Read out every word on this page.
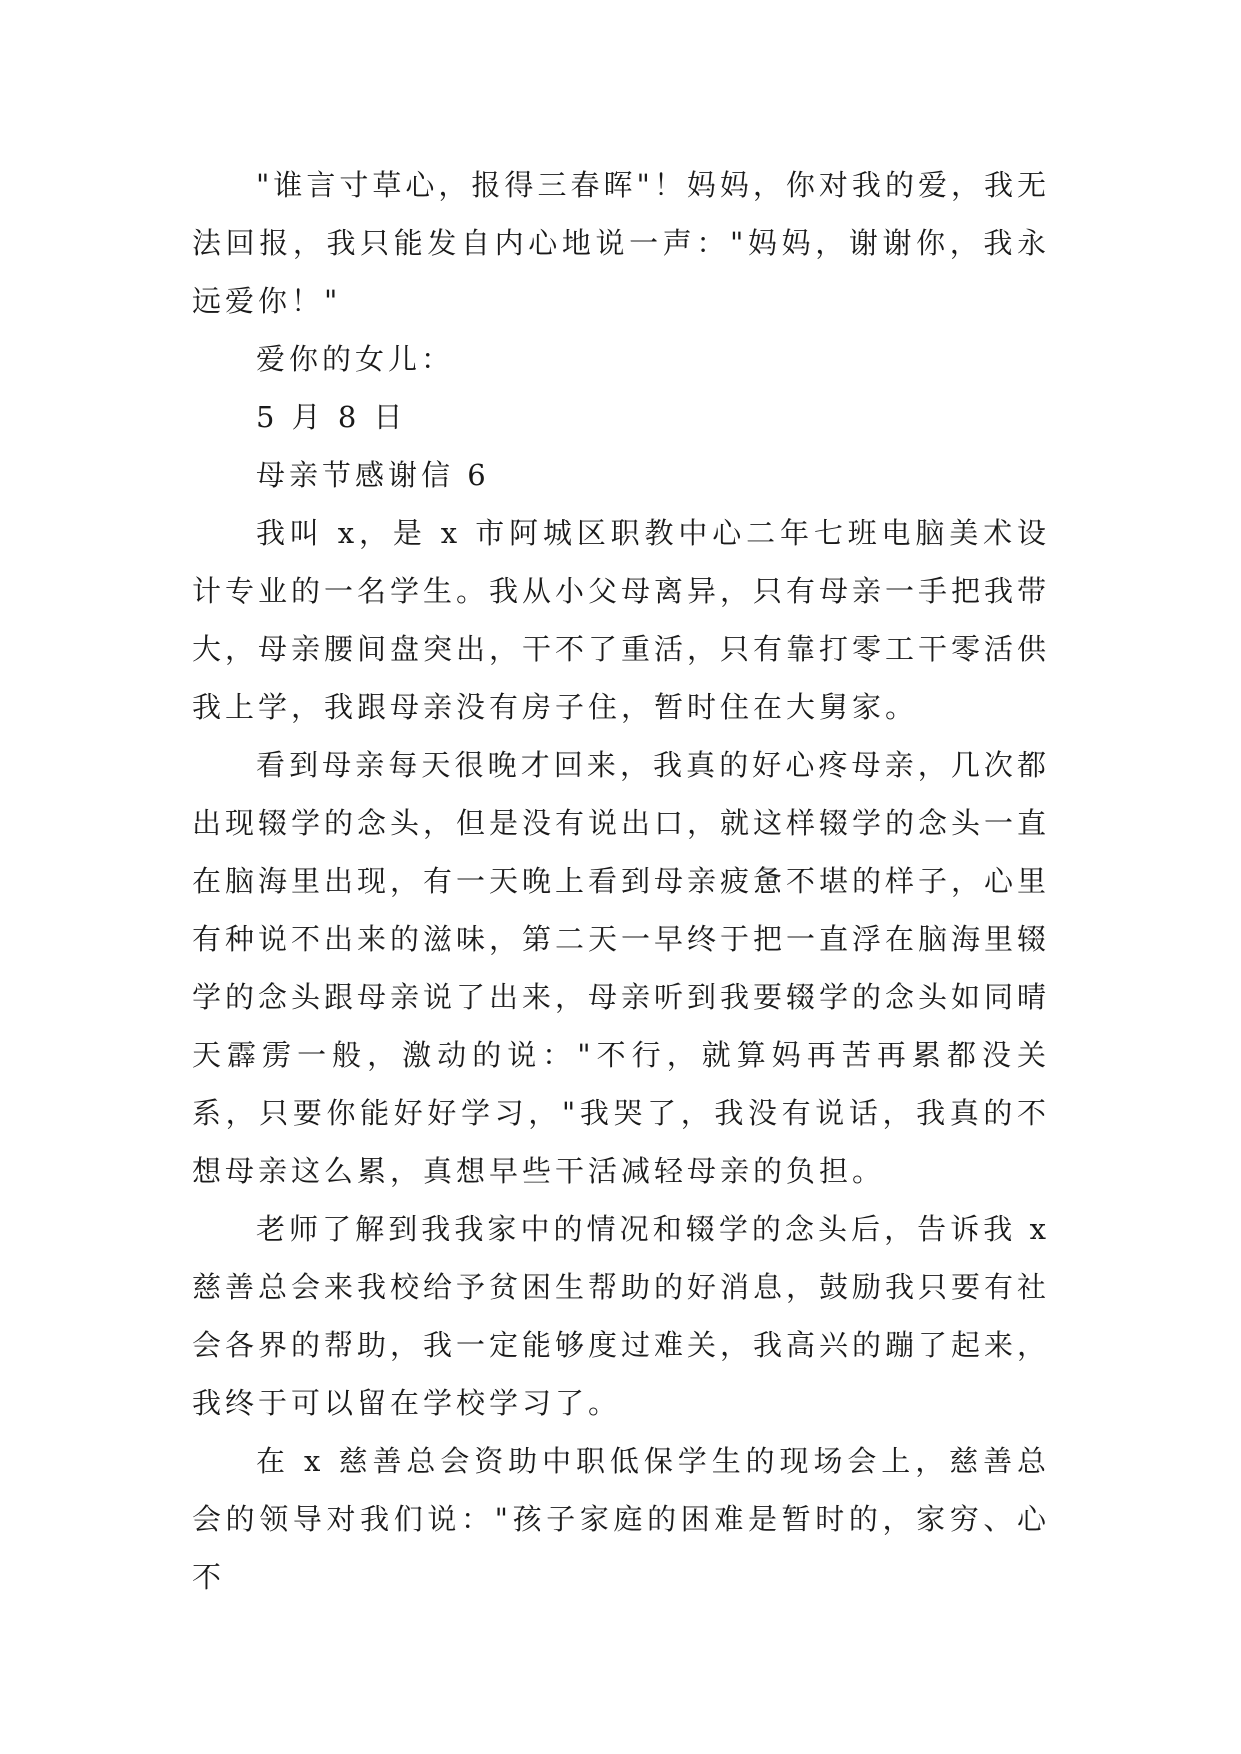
"谁言寸草心，报得三春晖"！妈妈，你对我的爱，我无法回报，我只能发自内心地说一声："妈妈，谢谢你，我永远爱你！"

爱你的女儿：

5 月 8 日

母亲节感谢信 6

我叫 x，是 x 市阿城区职教中心二年七班电脑美术设计专业的一名学生。我从小父母离异，只有母亲一手把我带大，母亲腰间盘突出，干不了重活，只有靠打零工干零活供我上学，我跟母亲没有房子住，暂时住在大舅家。

看到母亲每天很晚才回来，我真的好心疼母亲，几次都出现辍学的念头，但是没有说出口，就这样辍学的念头一直在脑海里出现，有一天晚上看到母亲疲惫不堪的样子，心里有种说不出来的滋味，第二天一早终于把一直浮在脑海里辍学的念头跟母亲说了出来，母亲听到我要辍学的念头如同晴天霹雳一般，激动的说："不行，就算妈再苦再累都没关系，只要你能好好学习，"我哭了，我没有说话，我真的不想母亲这么累，真想早些干活减轻母亲的负担。

老师了解到我我家中的情况和辍学的念头后，告诉我 x 慈善总会来我校给予贫困生帮助的好消息，鼓励我只要有社会各界的帮助，我一定能够度过难关，我高兴的蹦了起来，我终于可以留在学校学习了。

在 x 慈善总会资助中职低保学生的现场会上，慈善总会的领导对我们说："孩子家庭的困难是暂时的，家穷、心不
